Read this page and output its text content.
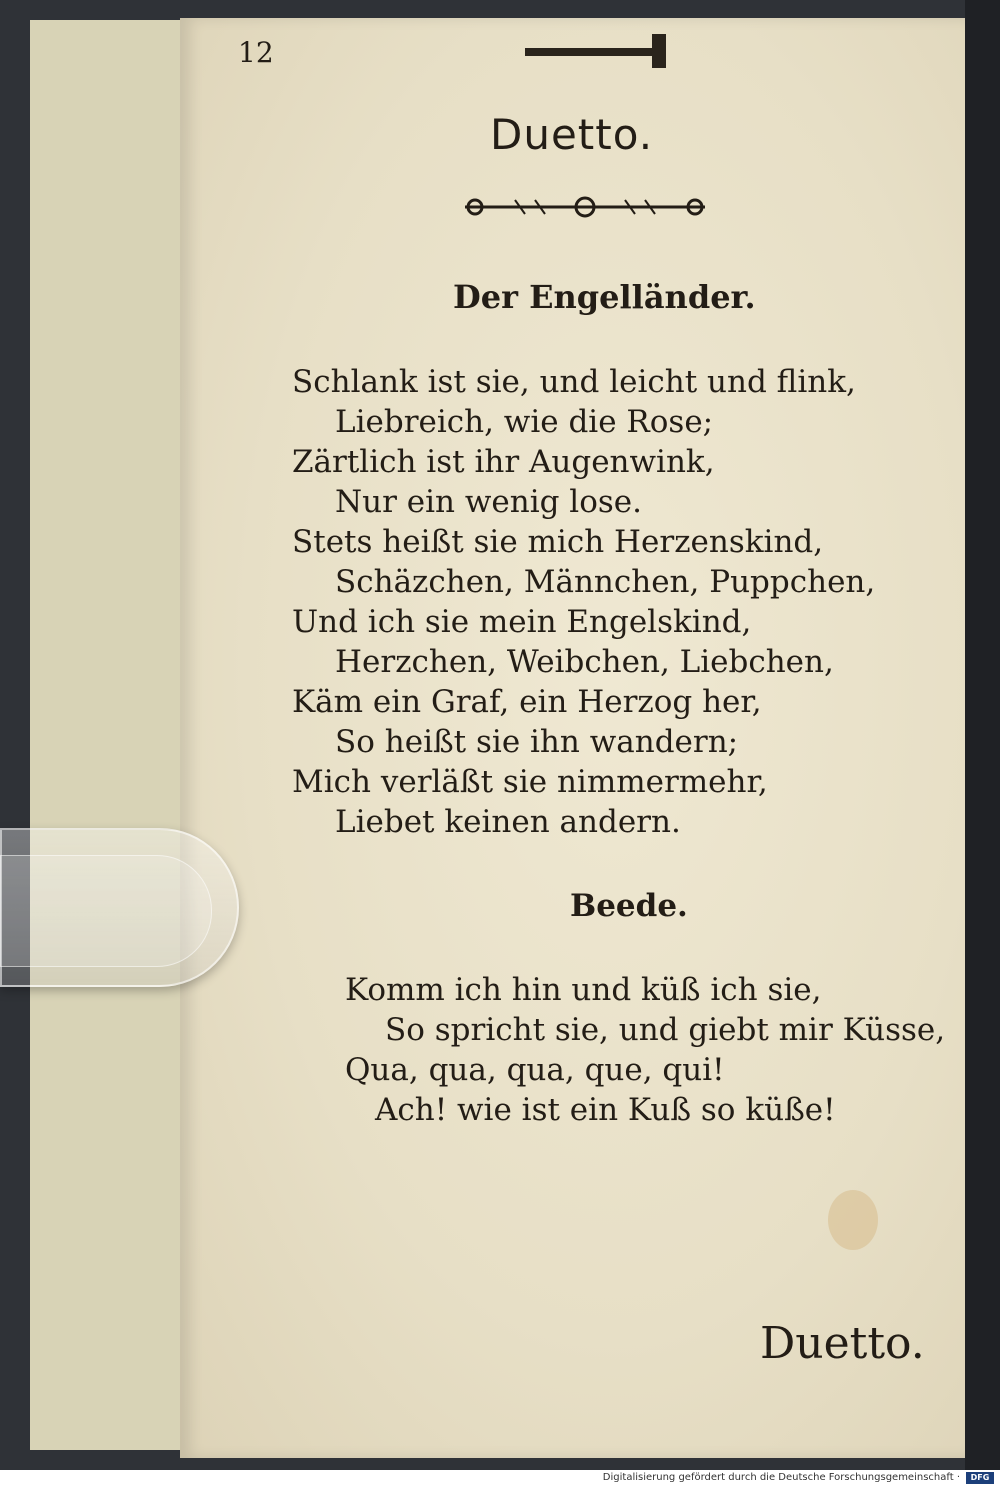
12
Duetto.
Der Engelländer.
Schlank ist sie, und leicht und flink,
Liebreich, wie die Rose;
Zärtlich ist ihr Augenwink,
Nur ein wenig lose.
Stets heißt sie mich Herzenskind,
Schäzchen, Männchen, Puppchen,
Und ich sie mein Engelskind,
Herzchen, Weibchen, Liebchen,
Käm ein Graf, ein Herzog her,
So heißt sie ihn wandern;
Mich verläßt sie nimmermehr,
Liebet keinen andern.
Beede.
Komm ich hin und küß ich sie,
So spricht sie, und giebt mir Küsse,
Qua, qua, qua, que, qui!
Ach! wie ist ein Kuß so küße!
Duetto.
Digitalisierung gefördert durch die Deutsche Forschungsgemeinschaft ·	DFG
